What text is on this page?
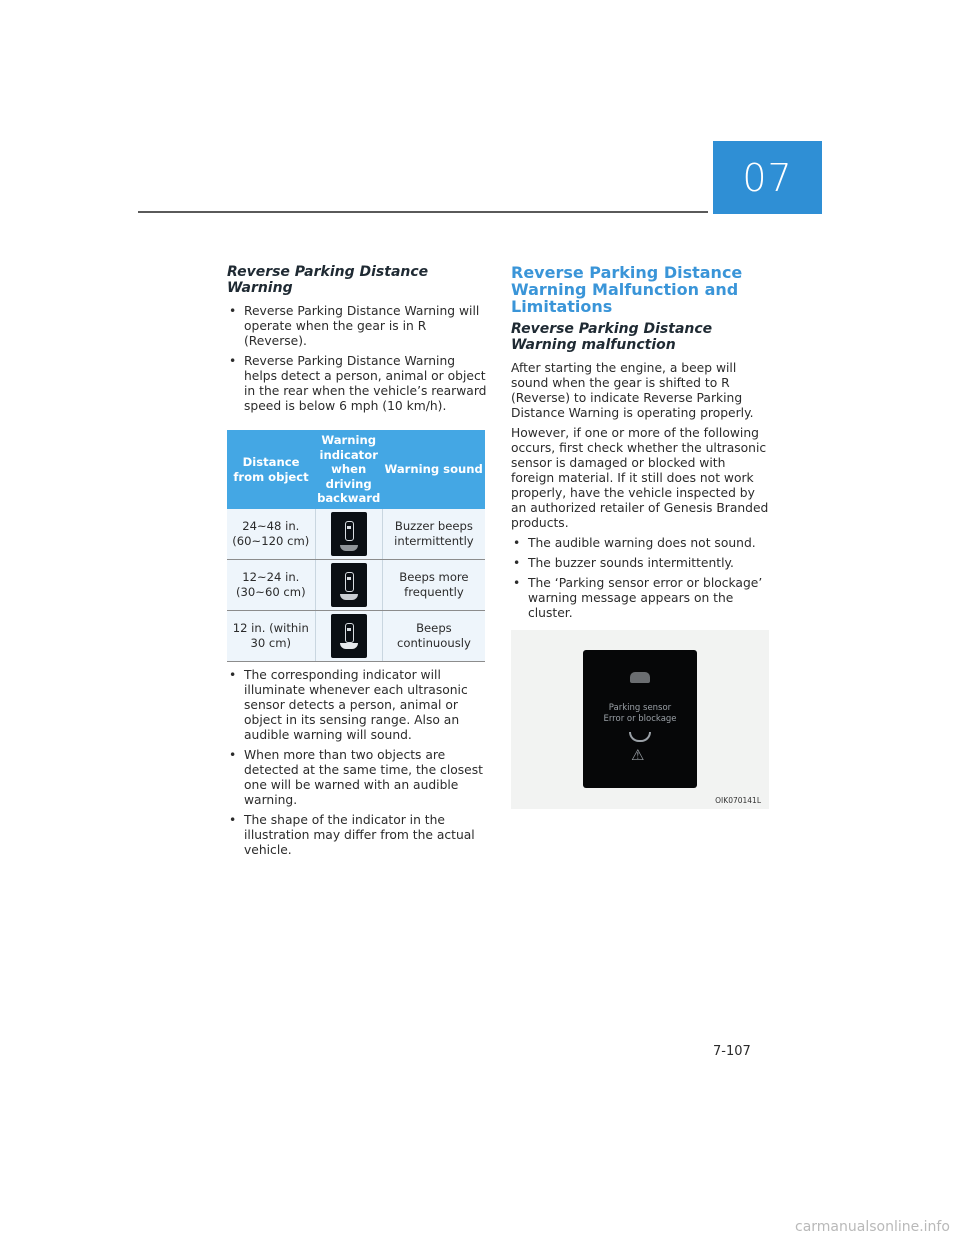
07
Reverse Parking Distance Warning
• Reverse Parking Distance Warning will operate when the gear is in R (Reverse).
• Reverse Parking Distance Warning helps detect a person, animal or object in the rear when the vehicle’s rearward speed is below 6 mph (10 km/h).
Distance from object	Warning indicator when driving backward	Warning sound
24~48 in. (60~120 cm)		Buzzer beeps intermittently
12~24 in. (30~60 cm)		Beeps more frequently
12 in. (within 30 cm)		Beeps continuously
• The corresponding indicator will illuminate whenever each ultrasonic sensor detects a person, animal or object in its sensing range. Also an audible warning will sound.
• When more than two objects are detected at the same time, the closest one will be warned with an audible warning.
• The shape of the indicator in the illustration may differ from the actual vehicle.
Reverse Parking Distance Warning Malfunction and Limitations
Reverse Parking Distance Warning malfunction

After starting the engine, a beep will sound when the gear is shifted to R (Reverse) to indicate Reverse Parking Distance Warning is operating properly.

However, if one or more of the following occurs, first check whether the ultrasonic sensor is damaged or blocked with foreign material. If it still does not work properly, have the vehicle inspected by an authorized retailer of Genesis Branded products.

• The audible warning does not sound.
• The buzzer sounds intermittently.
• The ‘Parking sensor error or blockage’ warning message appears on the cluster.
Parking sensor
Error or blockage
⚠
OIK070141L
7-107
carmanualsonline.info
